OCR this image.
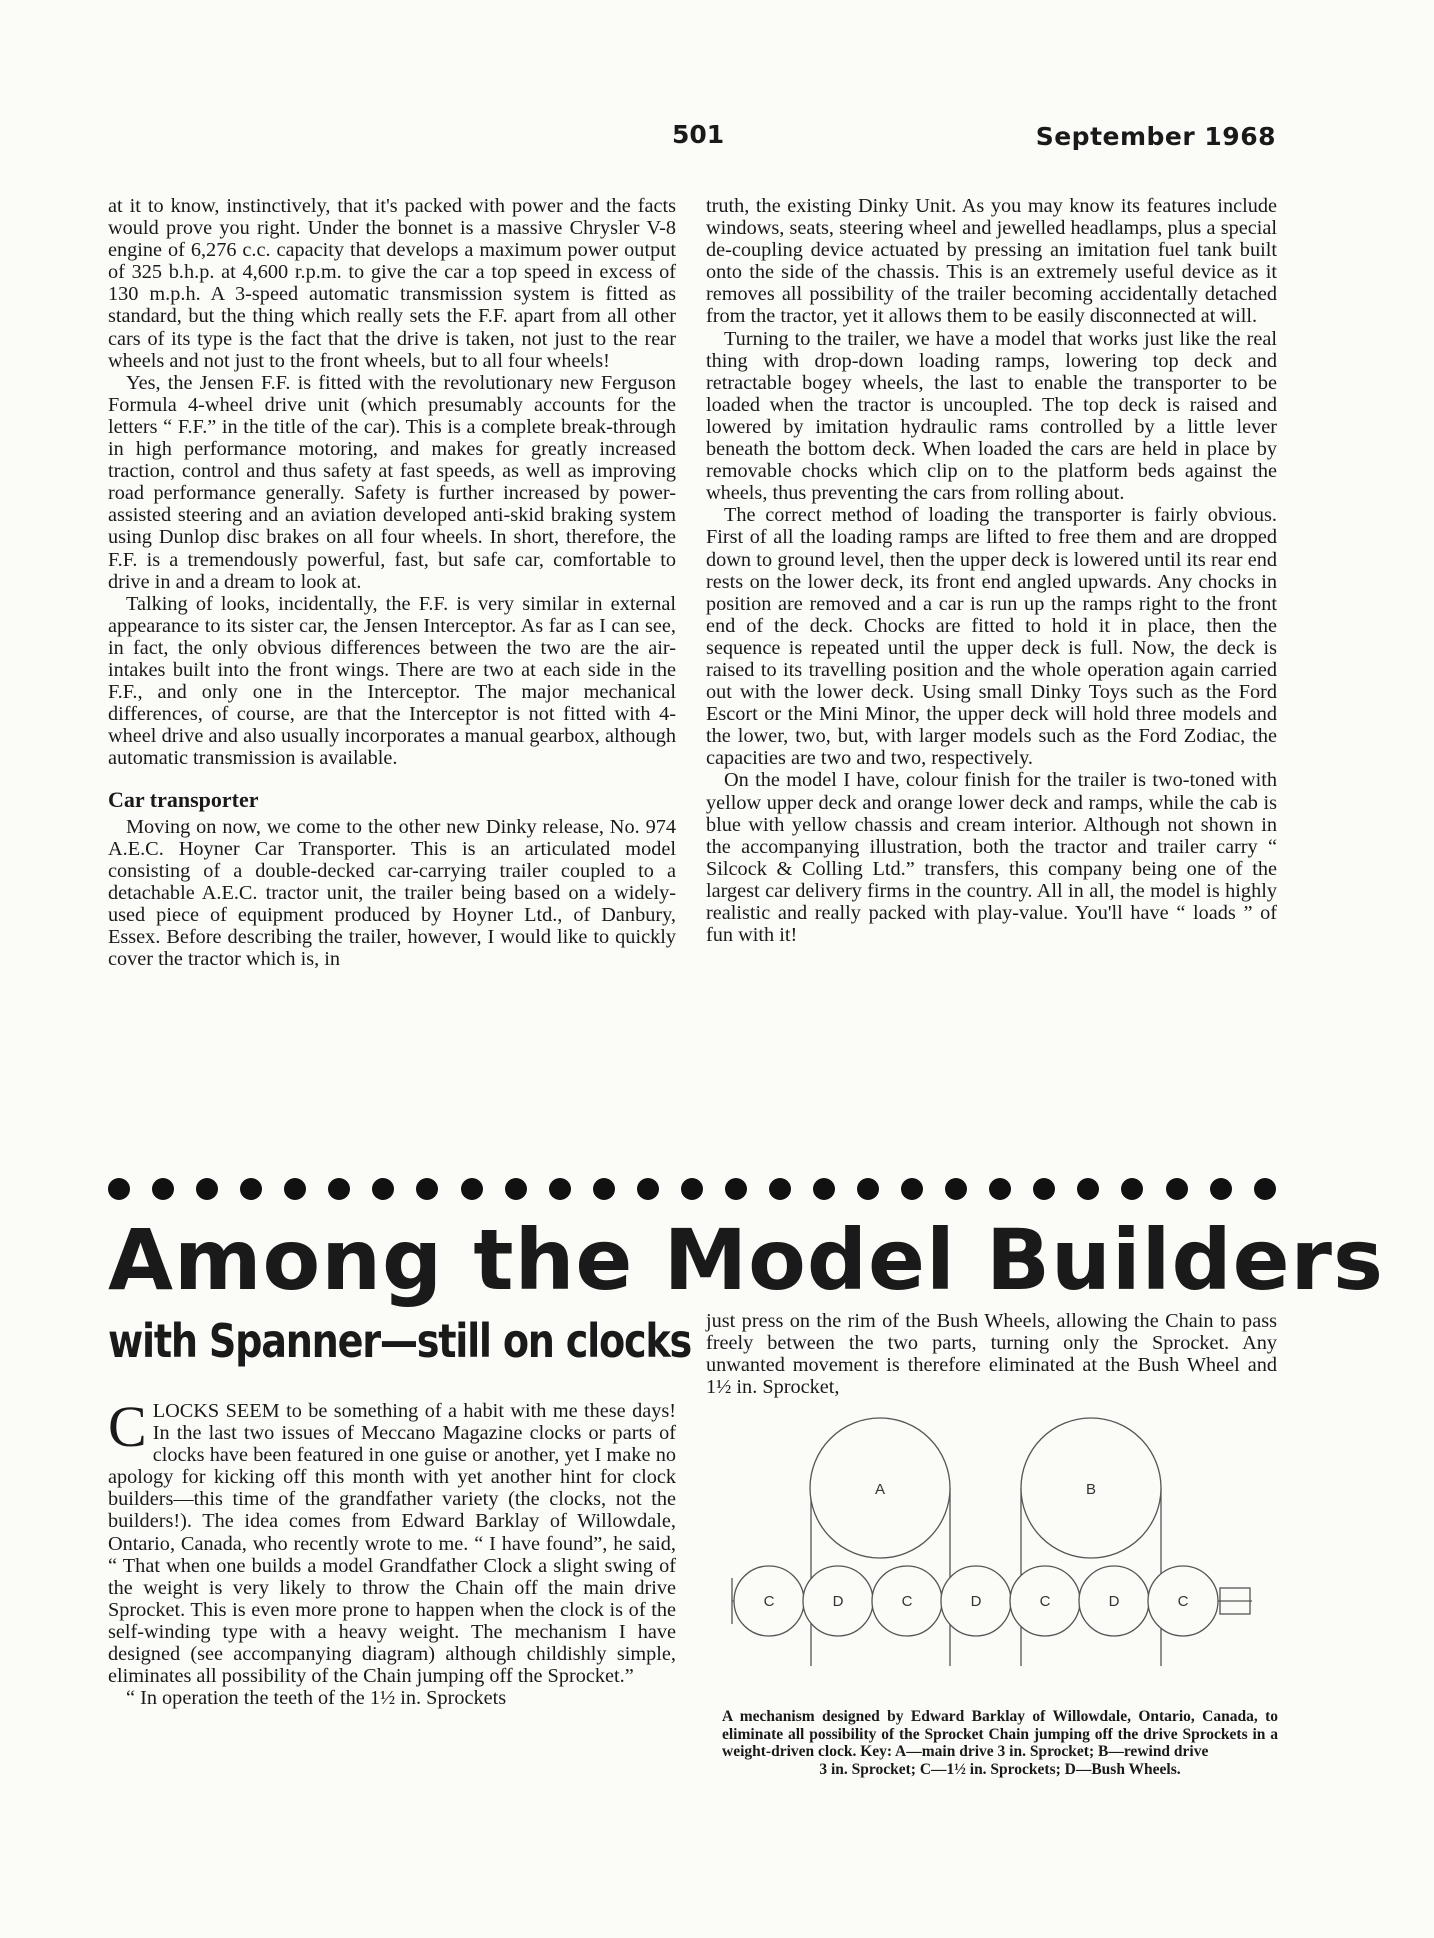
501	September 1968

at it to know, instinctively, that it's packed with power and the facts would prove you right. Under the bonnet is a massive Chrysler V-8 engine of 6,276 c.c. capacity that develops a maximum power output of 325 b.h.p. at 4,600 r.p.m. to give the car a top speed in excess of 130 m.p.h. A 3-speed automatic transmission system is fitted as standard, but the thing which really sets the F.F. apart from all other cars of its type is the fact that the drive is taken, not just to the rear wheels and not just to the front wheels, but to all four wheels!

Yes, the Jensen F.F. is fitted with the revolutionary new Ferguson Formula 4-wheel drive unit (which presumably accounts for the letters “ F.F.” in the title of the car). This is a complete break-through in high performance motoring, and makes for greatly increased traction, control and thus safety at fast speeds, as well as improving road performance generally. Safety is further increased by power-assisted steering and an aviation developed anti-skid braking system using Dunlop disc brakes on all four wheels. In short, therefore, the F.F. is a tremendously powerful, fast, but safe car, comfortable to drive in and a dream to look at.

Talking of looks, incidentally, the F.F. is very similar in external appearance to its sister car, the Jensen Interceptor. As far as I can see, in fact, the only obvious differences between the two are the air-intakes built into the front wings. There are two at each side in the F.F., and only one in the Interceptor. The major mechanical differences, of course, are that the Interceptor is not fitted with 4-wheel drive and also usually incorporates a manual gearbox, although automatic transmission is available.

Car transporter

Moving on now, we come to the other new Dinky release, No. 974 A.E.C. Hoyner Car Transporter. This is an articulated model consisting of a double-decked car-carrying trailer coupled to a detachable A.E.C. tractor unit, the trailer being based on a widely-used piece of equipment produced by Hoyner Ltd., of Danbury, Essex. Before describing the trailer, however, I would like to quickly cover the tractor which is, in

truth, the existing Dinky Unit. As you may know its features include windows, seats, steering wheel and jewelled headlamps, plus a special de-coupling device actuated by pressing an imitation fuel tank built onto the side of the chassis. This is an extremely useful device as it removes all possibility of the trailer becoming accidentally detached from the tractor, yet it allows them to be easily disconnected at will.

Turning to the trailer, we have a model that works just like the real thing with drop-down loading ramps, lowering top deck and retractable bogey wheels, the last to enable the transporter to be loaded when the tractor is uncoupled. The top deck is raised and lowered by imitation hydraulic rams controlled by a little lever beneath the bottom deck. When loaded the cars are held in place by removable chocks which clip on to the platform beds against the wheels, thus preventing the cars from rolling about.

The correct method of loading the transporter is fairly obvious. First of all the loading ramps are lifted to free them and are dropped down to ground level, then the upper deck is lowered until its rear end rests on the lower deck, its front end angled upwards. Any chocks in position are removed and a car is run up the ramps right to the front end of the deck. Chocks are fitted to hold it in place, then the sequence is repeated until the upper deck is full. Now, the deck is raised to its travelling position and the whole operation again carried out with the lower deck. Using small Dinky Toys such as the Ford Escort or the Mini Minor, the upper deck will hold three models and the lower, two, but, with larger models such as the Ford Zodiac, the capacities are two and two, respectively.

On the model I have, colour finish for the trailer is two-toned with yellow upper deck and orange lower deck and ramps, while the cab is blue with yellow chassis and cream interior. Although not shown in the accompanying illustration, both the tractor and trailer carry “ Silcock & Colling Ltd.” transfers, this company being one of the largest car delivery firms in the country. All in all, the model is highly realistic and really packed with play-value. You'll have “ loads ” of fun with it!

Among the Model Builders
with Spanner—still on clocks

CLOCKS SEEM to be something of a habit with me these days! In the last two issues of Meccano Magazine clocks or parts of clocks have been featured in one guise or another, yet I make no apology for kicking off this month with yet another hint for clock builders—this time of the grandfather variety (the clocks, not the builders!). The idea comes from Edward Barklay of Willowdale, Ontario, Canada, who recently wrote to me. “ I have found”, he said, “ That when one builds a model Grandfather Clock a slight swing of the weight is very likely to throw the Chain off the main drive Sprocket. This is even more prone to happen when the clock is of the self-winding type with a heavy weight. The mechanism I have designed (see accompanying diagram) although childishly simple, eliminates all possibility of the Chain jumping off the Sprocket.”

“ In operation the teeth of the 1½ in. Sprockets

just press on the rim of the Bush Wheels, allowing the Chain to pass freely between the two parts, turning only the Sprocket. Any unwanted movement is therefore eliminated at the Bush Wheel and 1½ in. Sprocket,

A	B
C	D	C	D	C	D	C
A mechanism designed by Edward Barklay of Willowdale, Ontario, Canada, to eliminate all possibility of the Sprocket Chain jumping off the drive Sprockets in a weight-driven clock. Key: A—main drive 3 in. Sprocket; B—rewind drive
3 in. Sprocket; C—1½ in. Sprockets; D—Bush Wheels.
